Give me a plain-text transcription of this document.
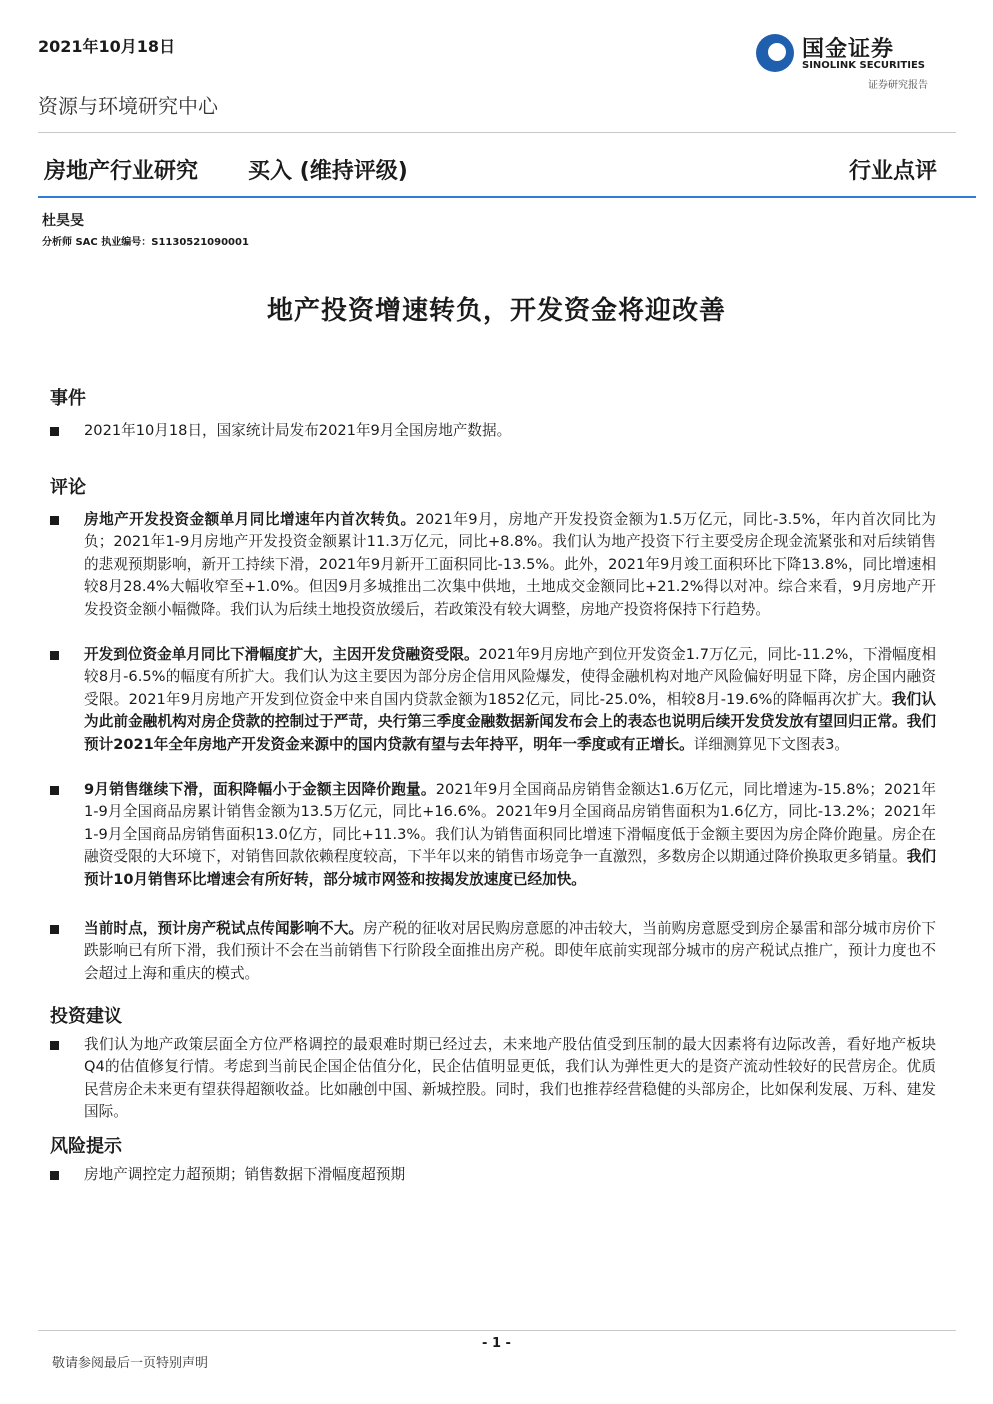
2021年10月18日	国金证券
SINOLINK SECURITIES
证券研究报告
资源与环境研究中心
房地产行业研究 买入 (维持评级)	行业点评
杜昊旻
分析师 SAC 执业编号：S1130521090001
地产投资增速转负，开发资金将迎改善
事件
2021年10月18日，国家统计局发布2021年9月全国房地产数据。
评论
房地产开发投资金额单月同比增速年内首次转负。2021年9月，房地产开发投资金额为1.5万亿元，同比-3.5%，年内首次同比为负；2021年1-9月房地产开发投资金额累计11.3万亿元，同比+8.8%。我们认为地产投资下行主要受房企现金流紧张和对后续销售的悲观预期影响，新开工持续下滑，2021年9月新开工面积同比-13.5%。此外，2021年9月竣工面积环比下降13.8%，同比增速相较8月28.4%大幅收窄至+1.0%。但因9月多城推出二次集中供地，土地成交金额同比+21.2%得以对冲。综合来看，9月房地产开发投资金额小幅微降。我们认为后续土地投资放缓后，若政策没有较大调整，房地产投资将保持下行趋势。
开发到位资金单月同比下滑幅度扩大，主因开发贷融资受限。2021年9月房地产到位开发资金1.7万亿元，同比-11.2%，下滑幅度相较8月-6.5%的幅度有所扩大。我们认为这主要因为部分房企信用风险爆发，使得金融机构对地产风险偏好明显下降，房企国内融资受限。2021年9月房地产开发到位资金中来自国内贷款金额为1852亿元，同比-25.0%，相较8月-19.6%的降幅再次扩大。我们认为此前金融机构对房企贷款的控制过于严苛，央行第三季度金融数据新闻发布会上的表态也说明后续开发贷发放有望回归正常。我们预计2021年全年房地产开发资金来源中的国内贷款有望与去年持平，明年一季度或有正增长。详细测算见下文图表3。
9月销售继续下滑，面积降幅小于金额主因降价跑量。2021年9月全国商品房销售金额达1.6万亿元，同比增速为-15.8%；2021年1-9月全国商品房累计销售金额为13.5万亿元，同比+16.6%。2021年9月全国商品房销售面积为1.6亿方，同比-13.2%；2021年1-9月全国商品房销售面积13.0亿方，同比+11.3%。我们认为销售面积同比增速下滑幅度低于金额主要因为房企降价跑量。房企在融资受限的大环境下，对销售回款依赖程度较高，下半年以来的销售市场竞争一直激烈，多数房企以期通过降价换取更多销量。我们预计10月销售环比增速会有所好转，部分城市网签和按揭发放速度已经加快。
当前时点，预计房产税试点传闻影响不大。房产税的征收对居民购房意愿的冲击较大，当前购房意愿受到房企暴雷和部分城市房价下跌影响已有所下滑，我们预计不会在当前销售下行阶段全面推出房产税。即使年底前实现部分城市的房产税试点推广，预计力度也不会超过上海和重庆的模式。
投资建议
我们认为地产政策层面全方位严格调控的最艰难时期已经过去，未来地产股估值受到压制的最大因素将有边际改善，看好地产板块Q4的估值修复行情。考虑到当前民企国企估值分化，民企估值明显更低，我们认为弹性更大的是资产流动性较好的民营房企。优质民营房企未来更有望获得超额收益。比如融创中国、新城控股。同时，我们也推荐经营稳健的头部房企，比如保利发展、万科、建发国际。
风险提示
房地产调控定力超预期；销售数据下滑幅度超预期
- 1 -
敬请参阅最后一页特别声明
